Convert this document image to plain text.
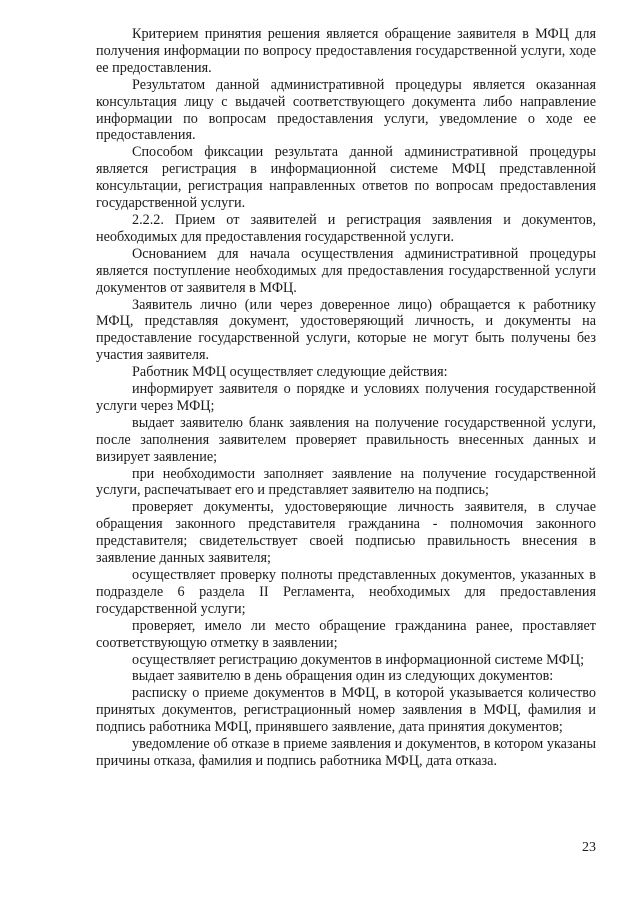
Критерием принятия решения является обращение заявителя в МФЦ для получения информации по вопросу предоставления государственной услуги, ходе ее предоставления.

Результатом данной административной процедуры является оказанная консультация лицу с выдачей соответствующего документа либо направление информации по вопросам предоставления услуги, уведомление о ходе ее предоставления.

Способом фиксации результата данной административной процедуры является регистрация в информационной системе МФЦ представленной консультации, регистрация направленных ответов по вопросам предоставления государственной услуги.

2.2.2. Прием от заявителей и регистрация заявления и документов, необходимых для предоставления государственной услуги.

Основанием для начала осуществления административной процедуры является поступление необходимых для предоставления государственной услуги документов от заявителя в МФЦ.

Заявитель лично (или через доверенное лицо) обращается к работнику МФЦ, представляя документ, удостоверяющий личность, и документы на предоставление государственной услуги, которые не могут быть получены без участия заявителя.

Работник МФЦ осуществляет следующие действия:

информирует заявителя о порядке и условиях получения государственной услуги через МФЦ;

выдает заявителю бланк заявления на получение государственной услуги, после заполнения заявителем проверяет правильность внесенных данных и визирует заявление;

при необходимости заполняет заявление на получение государственной услуги, распечатывает его и представляет заявителю на подпись;

проверяет документы, удостоверяющие личность заявителя, в случае обращения законного представителя гражданина - полномочия законного представителя; свидетельствует своей подписью правильность внесения в заявление данных заявителя;

осуществляет проверку полноты представленных документов, указанных в подразделе 6 раздела II Регламента, необходимых для предоставления государственной услуги;

проверяет, имело ли место обращение гражданина ранее, проставляет соответствующую отметку в заявлении;

осуществляет регистрацию документов в информационной системе МФЦ;

выдает заявителю в день обращения один из следующих документов:

расписку о приеме документов в МФЦ, в которой указывается количество принятых документов, регистрационный номер заявления в МФЦ, фамилия и подпись работника МФЦ, принявшего заявление, дата принятия документов;

уведомление об отказе в приеме заявления и документов, в котором указаны причины отказа, фамилия и подпись работника МФЦ, дата отказа.

23
